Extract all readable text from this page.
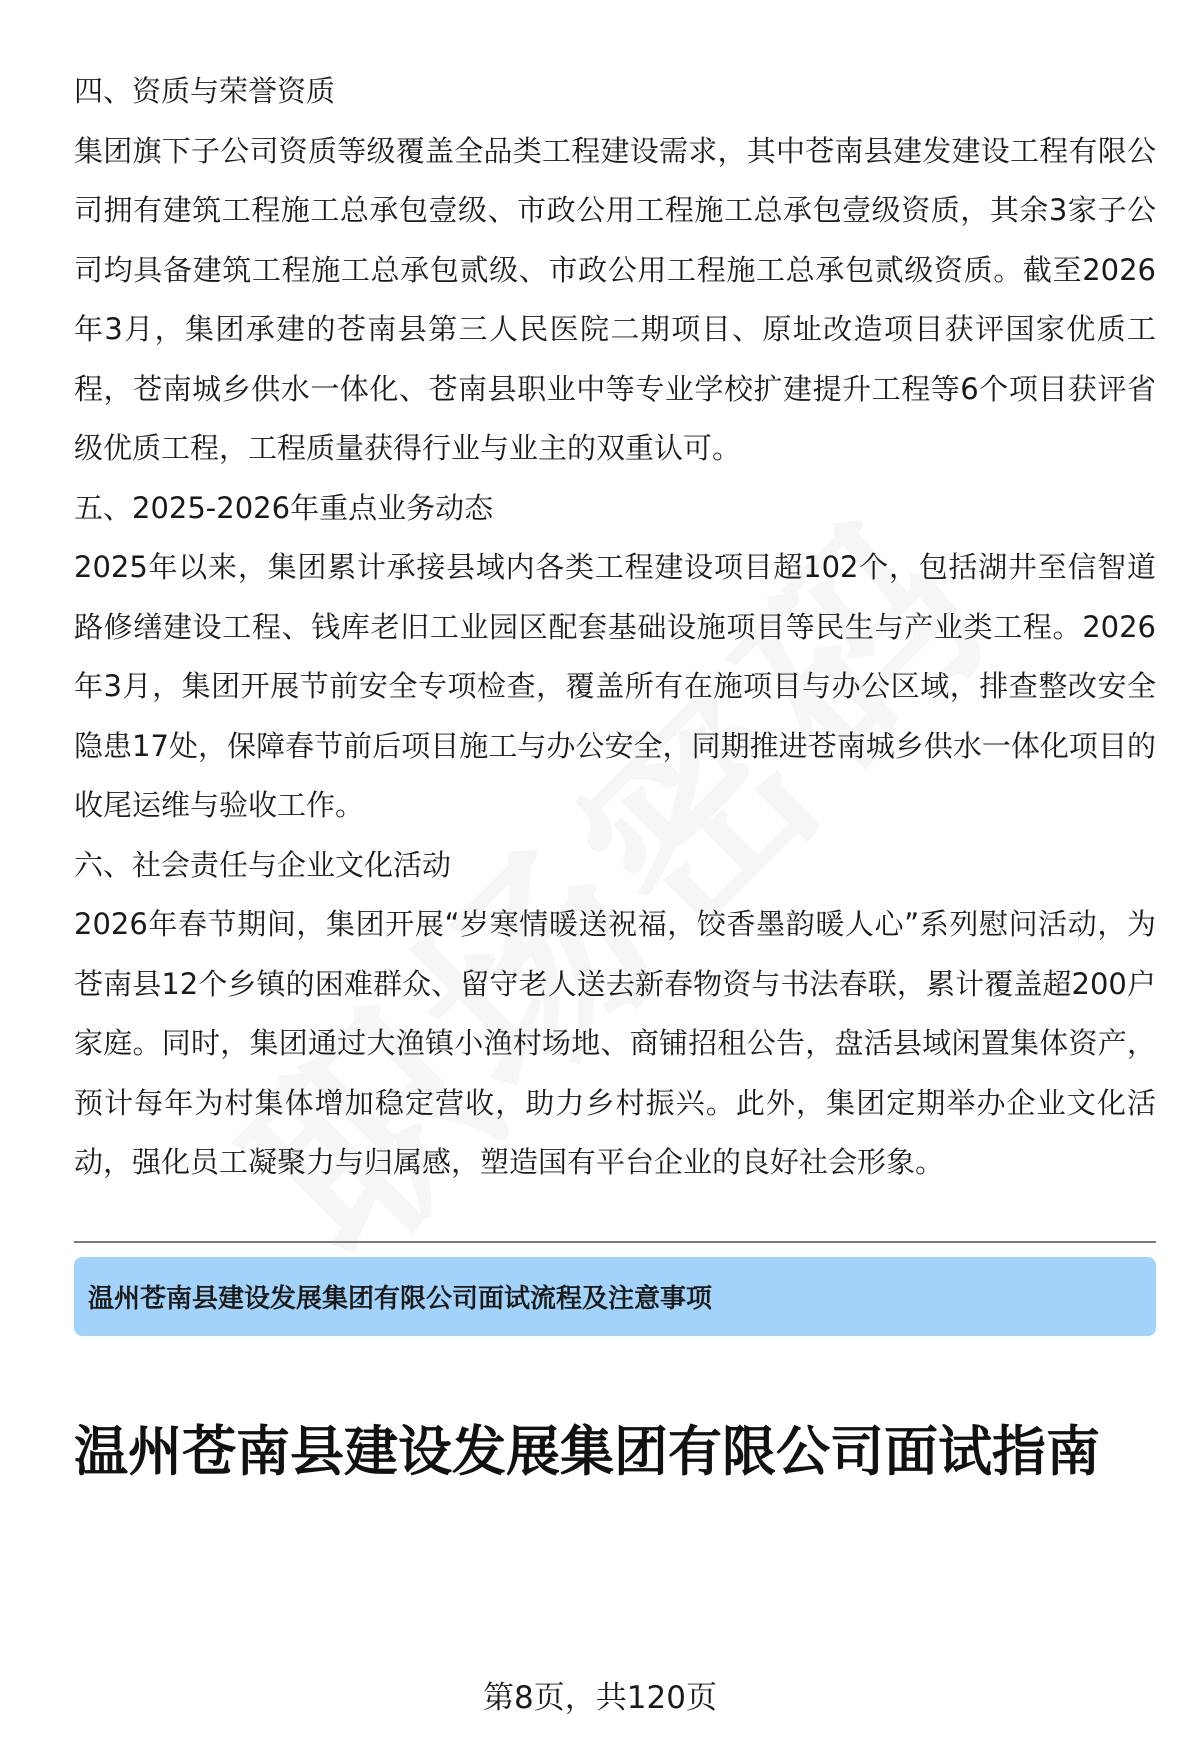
四、资质与荣誉资质

集团旗下子公司资质等级覆盖全品类工程建设需求，其中苍南县建发建设工程有限公司拥有建筑工程施工总承包壹级、市政公用工程施工总承包壹级资质，其余3家子公司均具备建筑工程施工总承包贰级、市政公用工程施工总承包贰级资质。截至2026年3月，集团承建的苍南县第三人民医院二期项目、原址改造项目获评国家优质工程，苍南城乡供水一体化、苍南县职业中等专业学校扩建提升工程等6个项目获评省级优质工程，工程质量获得行业与业主的双重认可。

五、2025-2026年重点业务动态

2025年以来，集团累计承接县域内各类工程建设项目超102个，包括湖井至信智道路修缮建设工程、钱库老旧工业园区配套基础设施项目等民生与产业类工程。2026年3月，集团开展节前安全专项检查，覆盖所有在施项目与办公区域，排查整改安全隐患17处，保障春节前后项目施工与办公安全，同期推进苍南城乡供水一体化项目的收尾运维与验收工作。

六、社会责任与企业文化活动

2026年春节期间，集团开展“岁寒情暖送祝福，饺香墨韵暖人心”系列慰问活动，为苍南县12个乡镇的困难群众、留守老人送去新春物资与书法春联，累计覆盖超200户家庭。同时，集团通过大渔镇小渔村场地、商铺招租公告，盘活县域闲置集体资产，预计每年为村集体增加稳定营收，助力乡村振兴。此外，集团定期举办企业文化活动，强化员工凝聚力与归属感，塑造国有平台企业的良好社会形象。

温州苍南县建设发展集团有限公司面试流程及注意事项
温州苍南县建设发展集团有限公司面试指南
第8页，共120页
